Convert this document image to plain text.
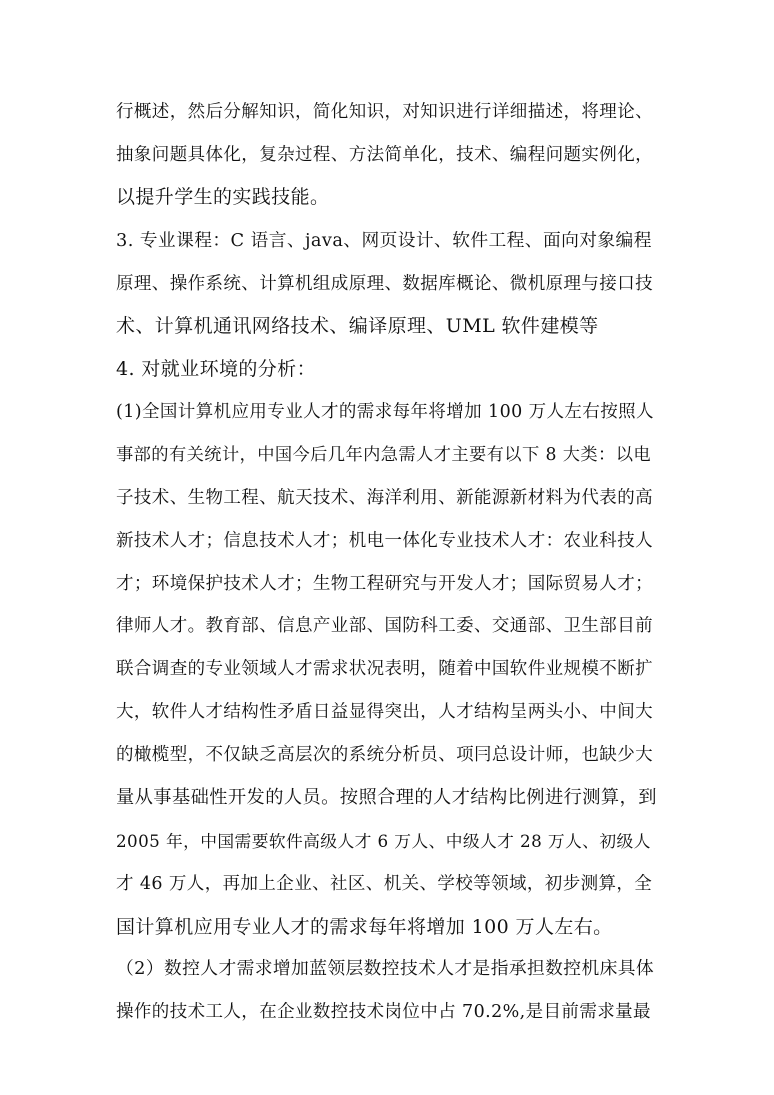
行概述，然后分解知识，简化知识，对知识进行详细描述，将理论、

抽象问题具体化，复杂过程、方法简单化，技术、编程问题实例化，

以提升学生的实践技能。

3. 专业课程：C 语言、java、网页设计、软件工程、面向对象编程

原理、操作系统、计算机组成原理、数据库概论、微机原理与接口技

术、计算机通讯网络技术、编译原理、UML 软件建模等

4. 对就业环境的分析：

(1)全国计算机应用专业人才的需求每年将增加 100 万人左右按照人

事部的有关统计，中国今后几年内急需人才主要有以下 8 大类：以电

子技术、生物工程、航天技术、海洋利用、新能源新材料为代表的高

新技术人才；信息技术人才；机电一体化专业技术人才：农业科技人

才；环境保护技术人才；生物工程研究与开发人才；国际贸易人才；

律师人才。教育部、信息产业部、国防科工委、交通部、卫生部目前

联合调查的专业领域人才需求状况表明，随着中国软件业规模不断扩

大，软件人才结构性矛盾日益显得突出，人才结构呈两头小、中间大

的橄榄型，不仅缺乏高层次的系统分析员、项冃总设计师，也缺少大

量从事基础性开发的人员。按照合理的人才结构比例进行测算，到

2005 年，中国需要软件高级人才 6 万人、中级人才 28 万人、初级人

才 46 万人，再加上企业、社区、机关、学校等领域，初步测算，全

国计算机应用专业人才的需求每年将增加 100 万人左右。

（2）数控人才需求增加蓝领层数控技术人才是指承担数控机床具体

操作的技术工人，在企业数控技术岗位中占 70.2%,是目前需求量最
